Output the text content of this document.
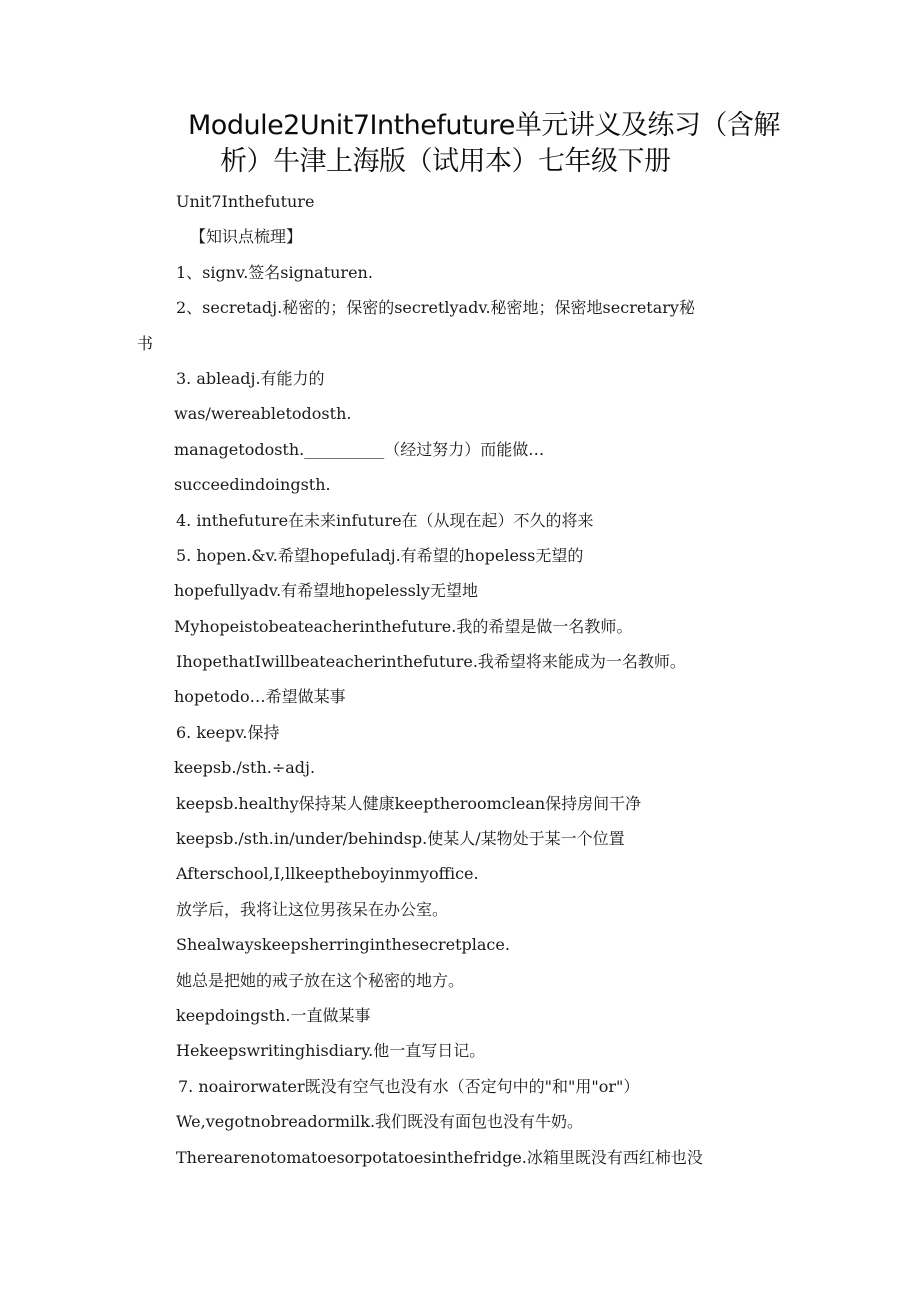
Module2Unit7Inthefuture单元讲义及练习（含解
析）牛津上海版（试用本）七年级下册
Unit7Inthefuture
【知识点梳理】
1、signv.签名signaturen.
2、secretadj.秘密的；保密的secretlyadv.秘密地；保密地secretary秘
书
3. ableadj.有能力的
was/wereabletodosth.
managetodosth.__________（经过努力）而能做…
succeedindoingsth.
4. inthefuture在未来infuture在（从现在起）不久的将来
5. hopen.&v.希望hopefuladj.有希望的hopeless无望的
hopefullyadv.有希望地hopelessly无望地
Myhopeistobeateacherinthefuture.我的希望是做一名教师。
IhopethatIwillbeateacherinthefuture.我希望将来能成为一名教师。
hopetodo…希望做某事
6. keepv.保持
keepsb./sth.÷adj.
keepsb.healthy保持某人健康keeptheroomclean保持房间干净
keepsb./sth.in/under/behindsp.使某人/某物处于某一个位置
Afterschool,I,llkeeptheboyinmyoffice.
放学后，我将让这位男孩呆在办公室。
Shealwayskeepsherringinthesecretplace.
她总是把她的戒子放在这个秘密的地方。
keepdoingsth.一直做某事
Hekeepswritinghisdiary.他一直写日记。
7. noairorwater既没有空气也没有水（否定句中的"和"用"or"）
We,vegotnobreadormilk.我们既没有面包也没有牛奶。
Therearenotomatoesorpotatoesinthefridge.冰箱里既没有西红柿也没
